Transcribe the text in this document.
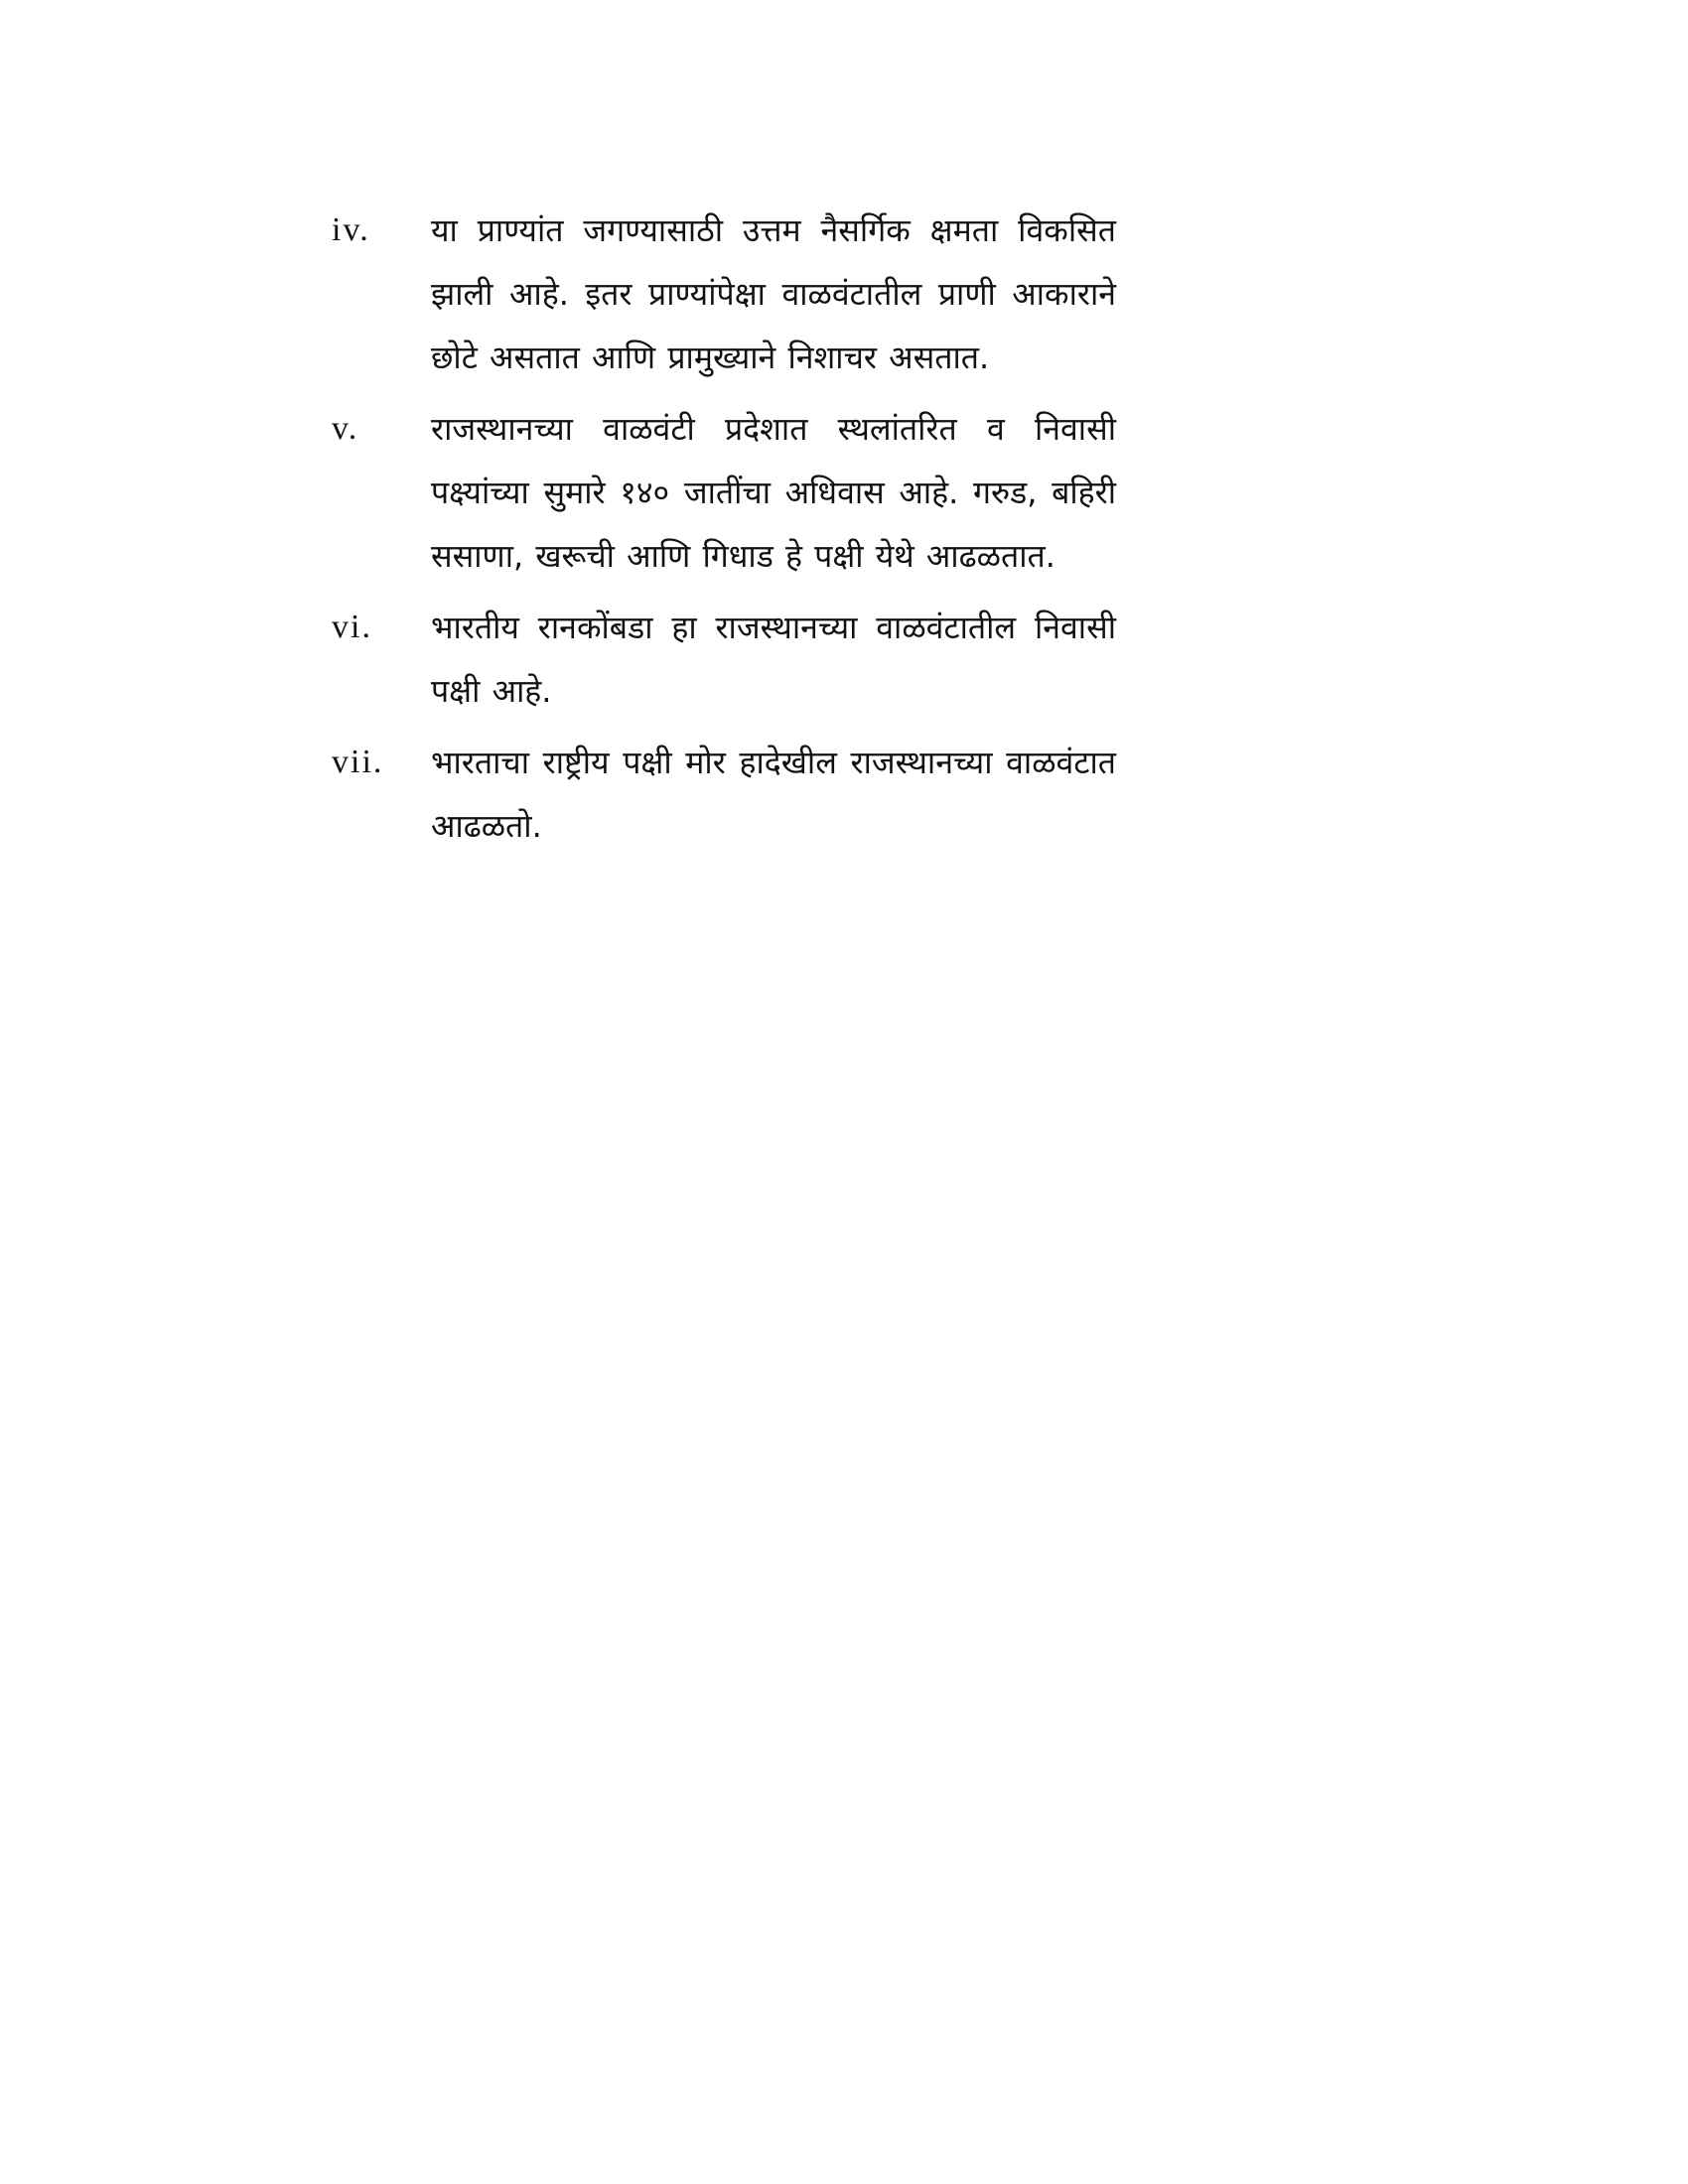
iv.	या प्राण्यांत जगण्यासाठी उत्तम नैसर्गिक क्षमता विकसित झाली आहे. इतर प्राण्यांपेक्षा वाळवंटातील प्राणी आकाराने छोटे असतात आणि प्रामुख्याने निशाचर असतात.
v.	राजस्थानच्या वाळवंटी प्रदेशात स्थलांतरित व निवासी पक्ष्यांच्या सुमारे १४० जातींचा अधिवास आहे. गरुड, बहिरी ससाणा, खरूची आणि गिधाड हे पक्षी येथे आढळतात.
vi.	भारतीय रानकोंबडा हा राजस्थानच्या वाळवंटातील निवासी पक्षी आहे.
vii.	भारताचा राष्ट्रीय पक्षी मोर हादेखील राजस्थानच्या वाळवंटात आढळतो.
